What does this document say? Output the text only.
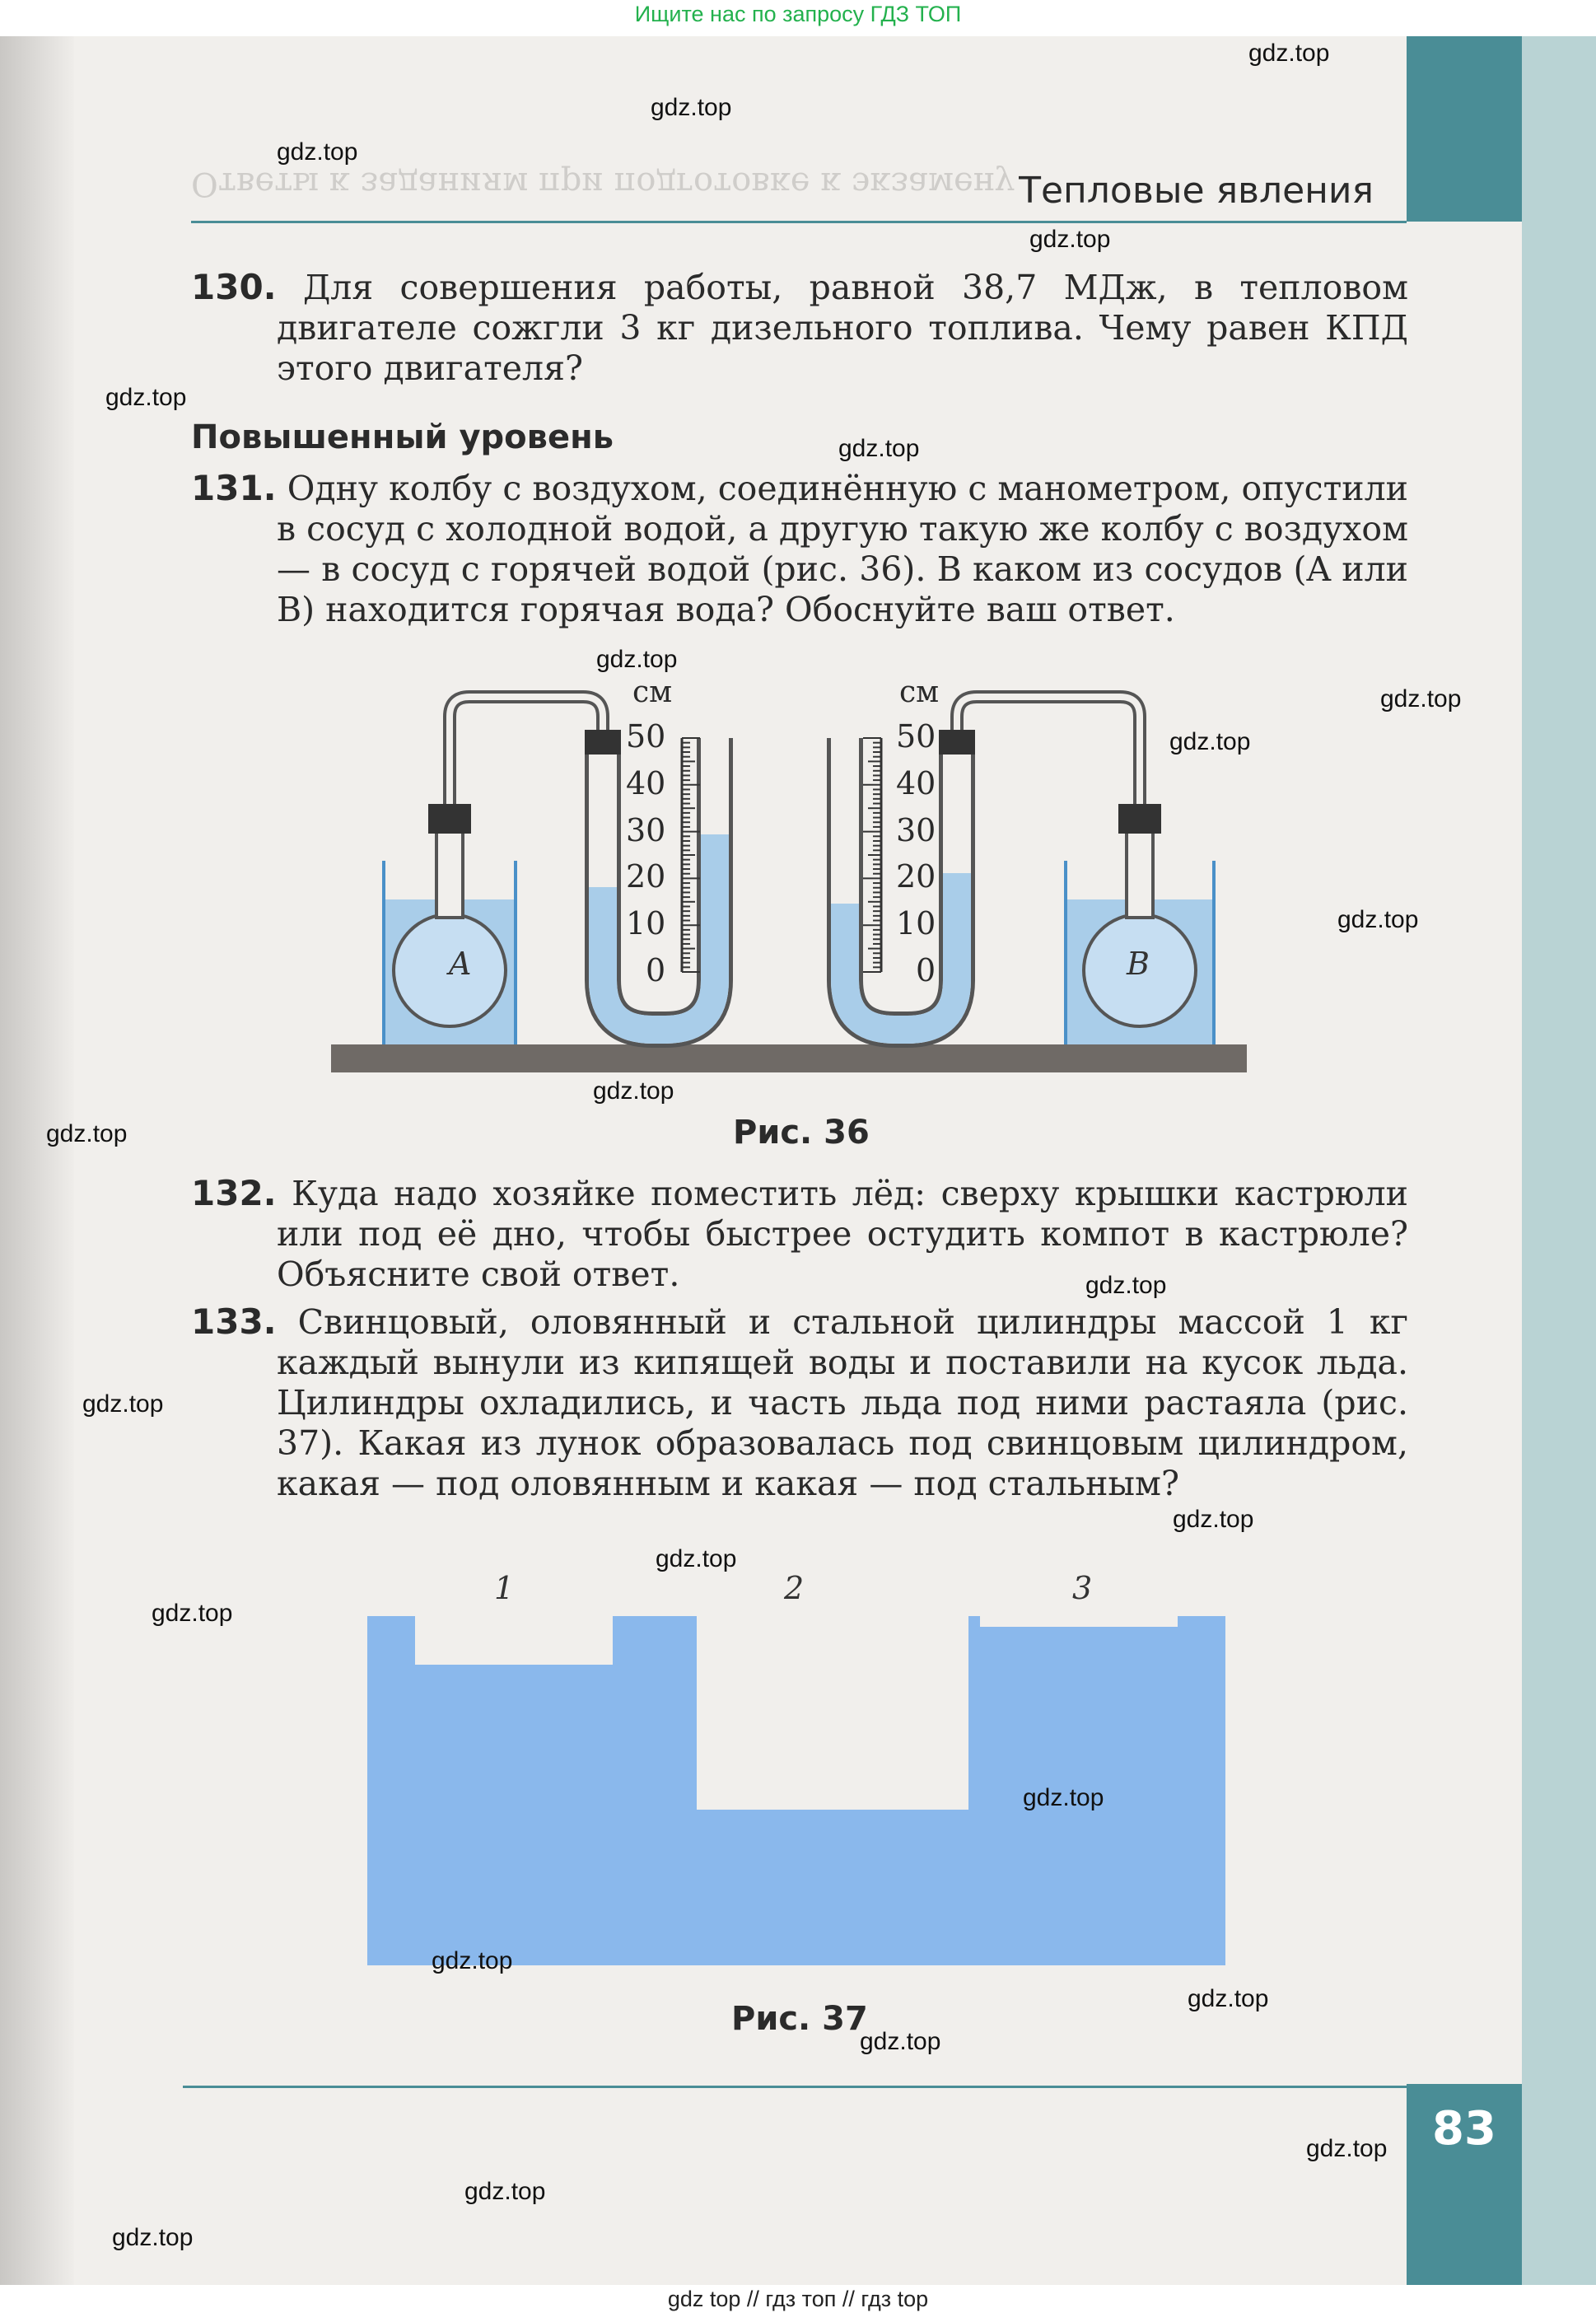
Ищите нас по запросу ГДЗ ТОП
83
Ответы к заданиям при подготовке к экзамену Тепловые явления
130. Для совершения работы, равной 38,7 МДж, в тепловом двигателе сожгли 3 кг дизельного топлива. Чему равен КПД этого двигателя?
Повышенный уровень
131. Одну колбу с воздухом, соединённую с манометром, опустили в сосуд с холодной водой, а другую такую же колбу с воздухом — в сосуд с горячей водой (рис. 36). В каком из сосудов (A или B) находится горячая вода? Обоснуйте ваш ответ.
A	B
см	см
50
40
30
20
10
0
50
40
30
20
10
0
Рис. 36
132. Куда надо хозяйке поместить лёд: сверху крышки кастрюли или под её дно, чтобы быстрее остудить компот в кастрюле? Объясните свой ответ.
133. Свинцовый, оловянный и стальной цилиндры массой 1 кг каждый вынули из кипящей воды и поставили на кусок льда. Цилиндры охладились, и часть льда под ними растаяла (рис. 37). Какая из лунок образовалась под свинцовым цилиндром, какая — под оловянным и какая — под стальным?
1	2	3
Рис. 37
gdz.top
gdz.top
gdz.top
gdz.top
gdz.top
gdz.top
gdz.top
gdz.top
gdz.top
gdz.top
gdz.top
gdz.top
gdz.top
gdz.top
gdz.top
gdz.top
gdz.top
gdz.top
gdz.top
gdz.top
gdz.top
gdz.top
gdz.top
gdz.top
gdz top // гдз топ // гдз top
